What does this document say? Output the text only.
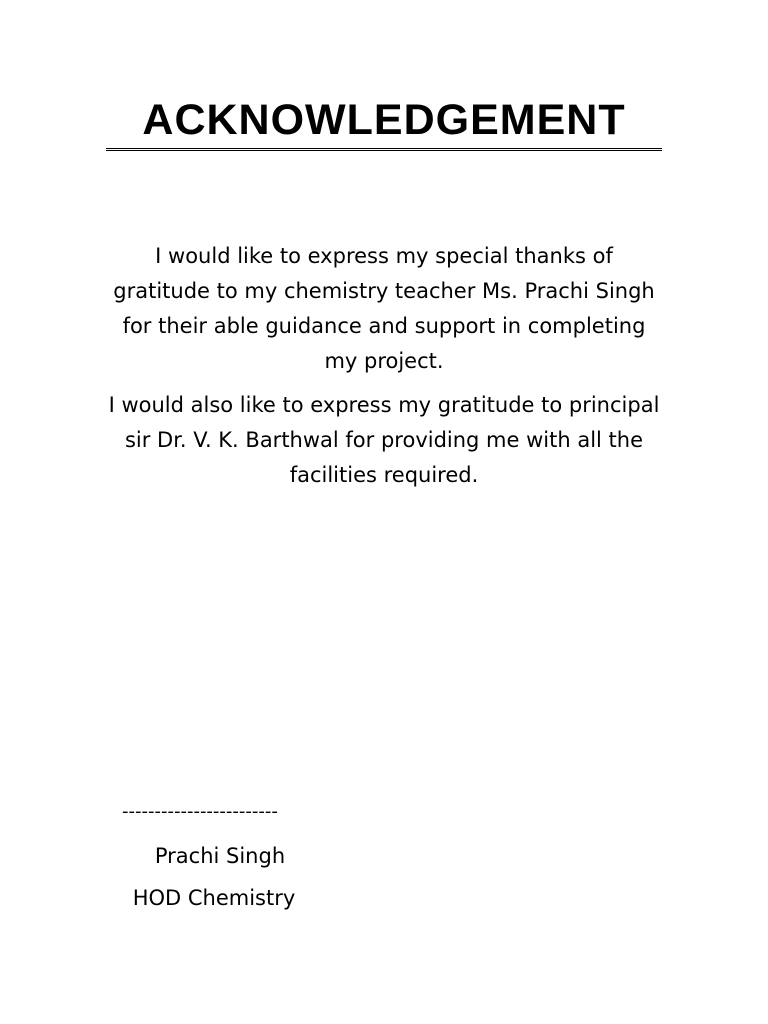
ACKNOWLEDGEMENT

I would like to express my special thanks of gratitude to my chemistry teacher Ms. Prachi Singh for their able guidance and support in completing my project.

I would also like to express my gratitude to principal sir Dr. V. K. Barthwal for providing me with all the facilities required.

------------------------
Prachi Singh
HOD Chemistry
